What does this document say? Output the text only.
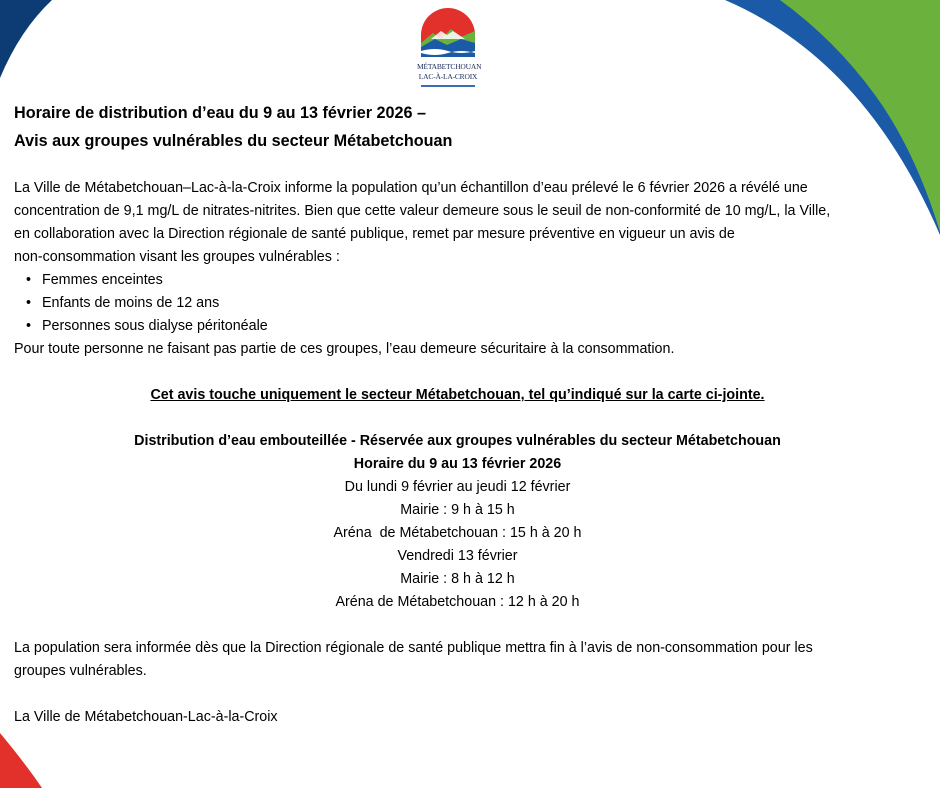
MÉTABETCHOUAN
LAC-À-LA-CROIX
Horaire de distribution d’eau du 9 au 13 février 2026 –
Avis aux groupes vulnérables du secteur Métabetchouan
La Ville de Métabetchouan–Lac-à-la-Croix informe la population qu’un échantillon d’eau prélevé le 6 février 2026 a révélé une
concentration de 9,1 mg/L de nitrates-nitrites. Bien que cette valeur demeure sous le seuil de non-conformité de 10 mg/L, la Ville,
en collaboration avec la Direction régionale de santé publique, remet par mesure préventive en vigueur un avis de
non-consommation visant les groupes vulnérables :
• Femmes enceintes
• Enfants de moins de 12 ans
• Personnes sous dialyse péritonéale
Pour toute personne ne faisant pas partie de ces groupes, l’eau demeure sécuritaire à la consommation.
Cet avis touche uniquement le secteur Métabetchouan, tel qu’indiqué sur la carte ci-jointe.
Distribution d’eau embouteillée - Réservée aux groupes vulnérables du secteur Métabetchouan
Horaire du 9 au 13 février 2026
Du lundi 9 février au jeudi 12 février
Mairie : 9 h à 15 h
Aréna  de Métabetchouan : 15 h à 20 h
Vendredi 13 février
Mairie : 8 h à 12 h
Aréna de Métabetchouan : 12 h à 20 h
La population sera informée dès que la Direction régionale de santé publique mettra fin à l’avis de non-consommation pour les
groupes vulnérables.
La Ville de Métabetchouan-Lac-à-la-Croix
